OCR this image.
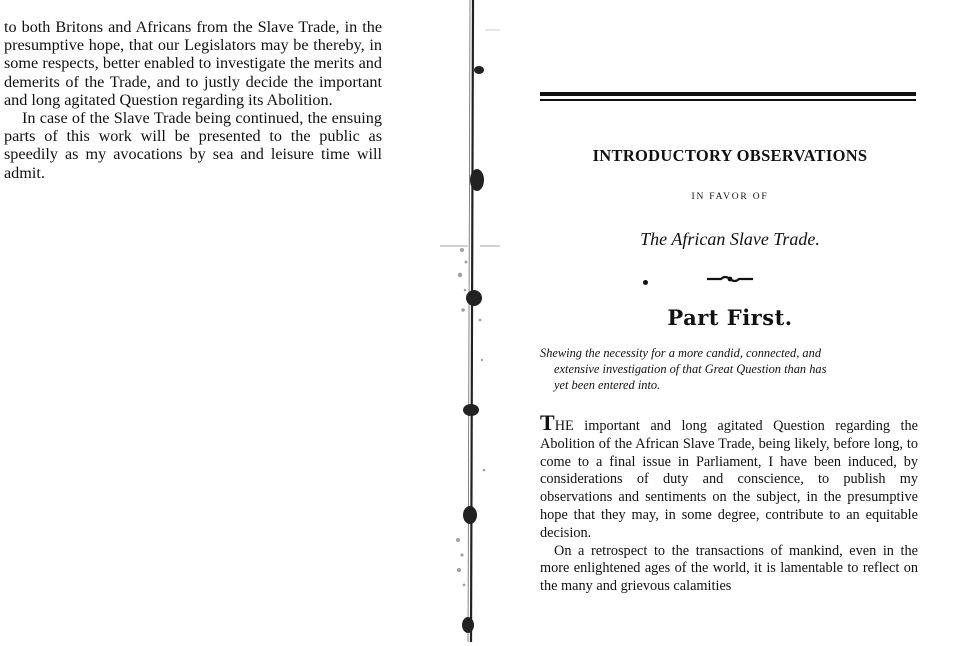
to both Britons and Africans from the Slave Trade, in the presumptive hope, that our Legislators may be thereby, in some respects, better enabled to investigate the merits and demerits of the Trade, and to justly decide the important and long agitated Question regarding its Abolition.

In case of the Slave Trade being continued, the ensuing parts of this work will be presented to the public as speedily as my avocations by sea and leisure time will admit.

INTRODUCTORY OBSERVATIONS
IN FAVOR OF
The African Slave Trade.
Part First.
Shewing the necessity for a more candid, connected, and
extensive investigation of that Great Question than has
yet been entered into.

THE important and long agitated Question regarding the Abolition of the African Slave Trade, being likely, before long, to come to a final issue in Parliament, I have been induced, by considerations of duty and conscience, to publish my observations and sentiments on the subject, in the presumptive hope that they may, in some degree, contribute to an equitable decision.

On a retrospect to the transactions of mankind, even in the more enlightened ages of the world, it is lamentable to reflect on the many and grievous calamities
